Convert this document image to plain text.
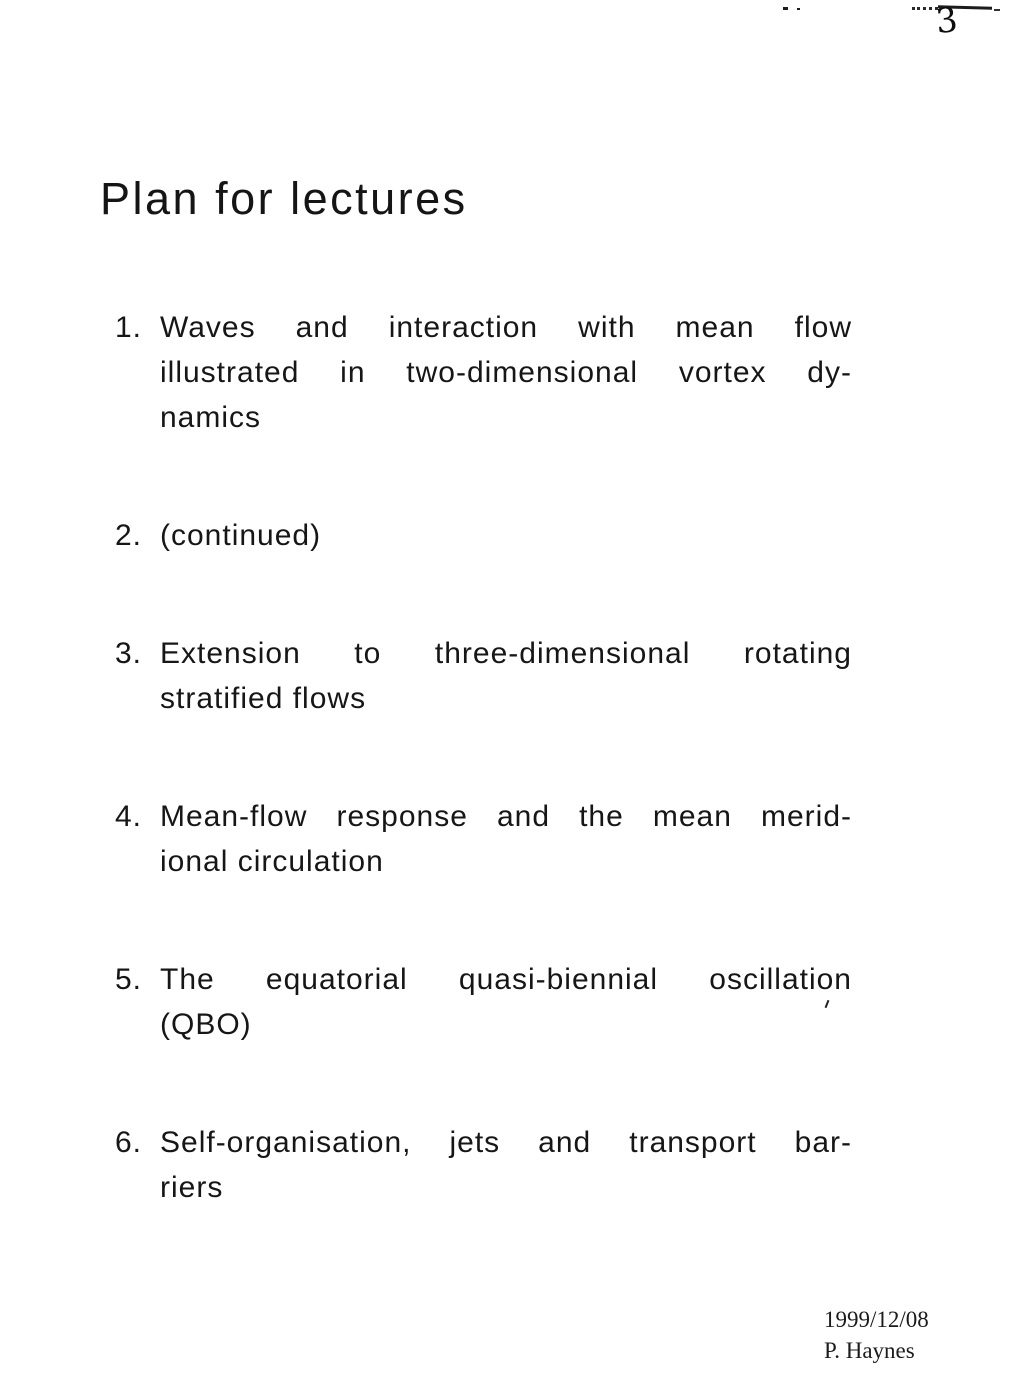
3
Plan for lectures
1. Waves and interaction with mean flow
illustrated in two-dimensional vortex dy-
namics
2. (continued)
3. Extension to three-dimensional rotating
stratified flows
4. Mean-flow response and the mean merid-
ional circulation
5. The equatorial quasi-biennial oscillation
(QBO)
6. Self-organisation, jets and transport bar-
riers
1999/12/08
P. Haynes
